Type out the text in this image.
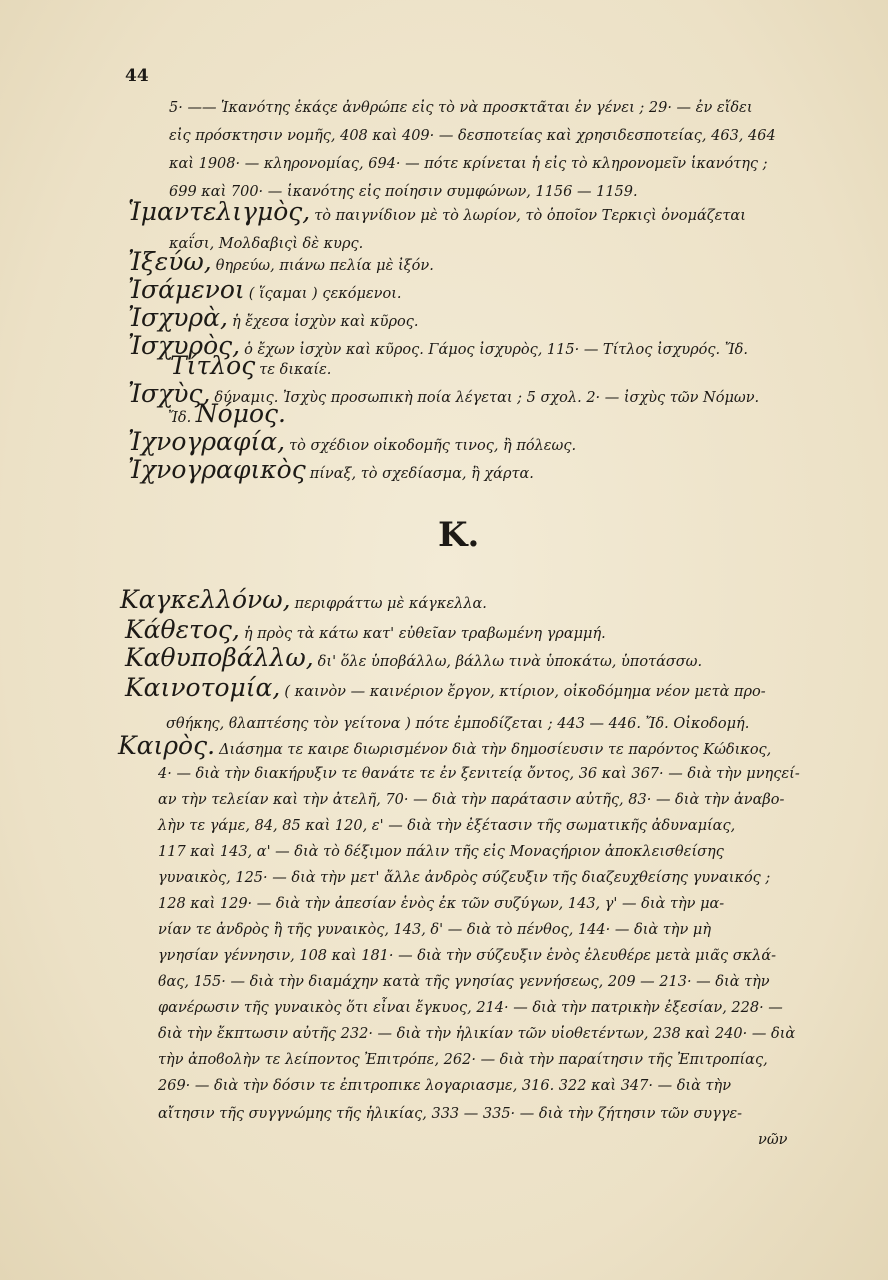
44
5· —— Ἱκανότης ἑκάςε ἀνθρώπε εἰς τὸ νὰ προσκτᾶται ἐν γένει ; 29· — ἐν εἴδει
εἰς πρόσκτησιν νομῆς, 408 καὶ 409· — δεσποτείας καὶ χρησιδεσποτείας, 463, 464
καὶ 1908· — κληρονομίας, 694· — πότε κρίνεται ἡ εἰς τὸ κληρονομεῖν ἱκανότης ;
699 καὶ 700· — ἱκανότης εἰς ποίησιν συμφώνων, 1156 — 1159.
Ἱμαντελιγμὸς, τὸ παιγνίδιον μὲ τὸ λωρίον, τὸ ὁποῖον Τερκιςὶ ὀνομάζεται
καΐσι, Μολδαβιςὶ δὲ κυρς.
Ἰξεύω, θηρεύω, πιάνω πελία μὲ ἰξόν.
Ἰσάμενοι ( ἵςαμαι ) ςεκόμενοι.
Ἰσχυρὰ, ἡ ἔχεσα ἰσχὺν καὶ κῦρος.
Ἰσχυρὸς, ὁ ἔχων ἰσχὺν καὶ κῦρος. Γάμος ἰσχυρὸς, 115· — Τίτλος ἰσχυρός. Ἴδ.
Τίτλος τε δικαίε.
Ἰσχὺς, δύναμις. Ἰσχὺς προσωπικὴ ποία λέγεται ; 5 σχολ. 2· — ἰσχὺς τῶν Νόμων.
Ἴδ. Νόμος.
Ἰχνογραφία, τὸ σχέδιον οἰκοδομῆς τινος, ἢ πόλεως.
Ἰχνογραφικὸς πίναξ, τὸ σχεδίασμα, ἢ χάρτα.
K.
Καγκελλόνω, περιφράττω μὲ κάγκελλα.
Κάθετος, ἡ πρὸς τὰ κάτω κατ' εὐθεῖαν τραβωμένη γραμμή.
Καθυποβάλλω, δι' ὅλε ὑποβάλλω, βάλλω τινὰ ὑποκάτω, ὑποτάσσω.
Καινοτομία, ( καινὸν — καινέριον ἔργον, κτίριον, οἰκοδόμημα νέον μετὰ προ-
σθήκης, ϐλαπτέσης τὸν γείτονα ) πότε ἐμποδίζεται ; 443 — 446. Ἴδ. Οἰκοδομή.
Καιρὸς. Διάσημα τε καιρε διωρισμένον διὰ τὴν δημοσίευσιν τε παρόντος Κώδικος,
4· — διὰ τὴν διακήρυξιν τε θανάτε τε ἐν ξενιτείᾳ ὄντος, 36 καὶ 367· — διὰ τὴν μνηςεί-
αν τὴν τελείαν καὶ τὴν ἀτελῆ, 70· — διὰ τὴν παράτασιν αὐτῆς, 83· — διὰ τὴν ἀναβο-
λὴν τε γάμε, 84, 85 καὶ 120, ε' — διὰ τὴν ἐξέτασιν τῆς σωματικῆς ἀδυναμίας,
117 καὶ 143, α' — διὰ τὸ δέξιμον πάλιν τῆς εἰς Μοναςήριον ἀποκλεισθείσης
γυναικὸς, 125· — διὰ τὴν μετ' ἄλλε ἀνδρὸς σύζευξιν τῆς διαζευχθείσης γυναικός ;
128 καὶ 129· — διὰ τὴν ἀπεσίαν ἑνὸς ἐκ τῶν συζύγων, 143, γ' — διὰ τὴν μα-
νίαν τε ἀνδρὸς ἢ τῆς γυναικὸς, 143, δ' — διὰ τὸ πένθος, 144· — διὰ τὴν μὴ
γνησίαν γέννησιν, 108 καὶ 181· — διὰ τὴν σύζευξιν ἑνὸς ἐλευθέρε μετὰ μιᾶς σκλά-
ϐας, 155· — διὰ τὴν διαμάχην κατὰ τῆς γνησίας γεννήσεως, 209 — 213· — διὰ τὴν
φανέρωσιν τῆς γυναικὸς ὅτι εἶναι ἔγκυος, 214· — διὰ τὴν πατρικὴν ἐξεσίαν, 228· —
διὰ τὴν ἔκπτωσιν αὐτῆς 232· — διὰ τὴν ἡλικίαν τῶν υἱοθετέντων, 238 καὶ 240· — διὰ
τὴν ἀποϐολὴν τε λείποντος Ἐπιτρόπε, 262· — διὰ τὴν παραίτησιν τῆς Ἐπιτροπίας,
269· — διὰ τὴν δόσιν τε ἐπιτροπικε λογαριασμε, 316. 322 καὶ 347· — διὰ τὴν
αἴτησιν τῆς συγγνώμης τῆς ἡλικίας, 333 — 335· — διὰ τὴν ζήτησιν τῶν συγγε-
νῶν
